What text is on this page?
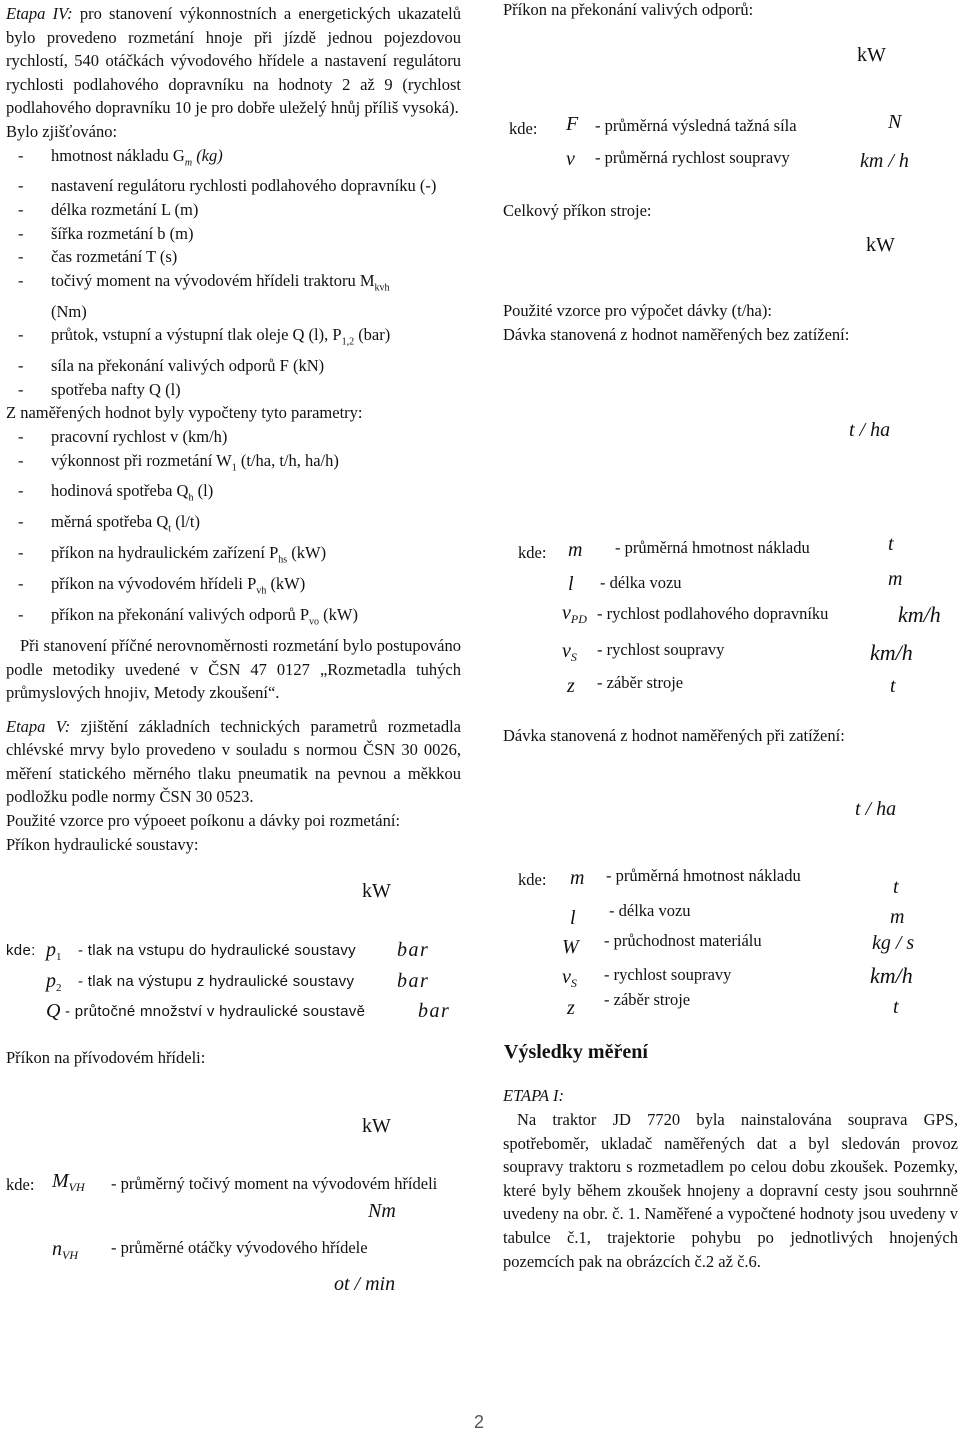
Etapa IV: pro stanovení výkonnostních a energetických ukazatelů bylo provedeno rozmetání hnoje při jízdě jednou pojezdovou rychlostí, 540 otáčkách vývodového hřídele a nastavení regulátoru rychlosti podlahového dopravníku na hodnoty 2 až 9 (rychlost podlahového dopravníku 10 je pro dobře uleželý hnůj příliš vysoká).

Bylo zjišťováno:

- hmotnost nákladu $G_m$ (kg)
- nastavení regulátoru rychlosti podlahového dopravníku (-)
- délka rozmetání L (m)
- šířka rozmetání b (m)
- čas rozmetání T (s)
- točivý moment na vývodovém hřídeli traktoru $M_{kvh}$
(Nm)
- průtok, vstupní a výstupní tlak oleje Q (l), $P_{1,2}$ (bar)
- síla na překonání valivých odporů F (kN)
- spotřeba nafty Q (l)

Z naměřených hodnot byly vypočteny tyto parametry:

- pracovní rychlost v (km/h)
- výkonnost při rozmetání $W_1$ (t/ha, t/h, ha/h)
- hodinová spotřeba $Q_h$ (l)
- měrná spotřeba $Q_t$ (l/t)
- příkon na hydraulickém zařízení $P_{hs}$ (kW)
- příkon na vývodovém hřídeli $P_{vh}$ (kW)
- příkon na překonání valivých odporů $P_{vo}$ (kW)

Při stanovení příčné nerovnoměrnosti rozmetání bylo postupováno podle metodiky uvedené v ČSN 47 0127 „Rozmetadla tuhých průmyslových hnojiv, Metody zkoušení“.

Etapa V: zjištění základních technických parametrů rozmetadla chlévské mrvy bylo provedeno v souladu s normou ČSN 30 0026, měření statického měrného tlaku pneumatik na pevnou a měkkou podložku podle normy ČSN 30 0523.

Použité vzorce pro výpoeet poíkonu a dávky poi rozmetání:

Příkon hydraulické soustavy:

kW
kde: $p_1$ - tlak na vstupu do hydraulické soustavy bar
$p_2$ - tlak na výstupu z hydraulické soustavy bar
Q - průtočné množství v hydraulické soustavě	bar
Příkon na přívodovém hřídeli:
kW
kde: $M_{VH}$ - průměrný točivý moment na vývodovém hřídeli
Nm
$n_{VH}$ - průměrné otáčky vývodového hřídele
ot / min
Příkon na překonání valivých odporů:
kW
kde: F - průměrná výsledná tažná síla	N
v - průměrná rychlost soupravy	km / h
Celkový příkon stroje:
kW
Použité vzorce pro výpočet dávky (t/ha):
Dávka stanovená z hodnot naměřených bez zatížení:
t / ha
kde: m - průměrná hmotnost nákladu	t
l - délka vozu	m
$v_{PD}$ - rychlost podlahového dopravníku	km/h
$v_S$ - rychlost soupravy	km/h
z - záběr stroje	t
Dávka stanovená z hodnot naměřených při zatížení:
t / ha
kde: m - průměrná hmotnost nákladu
t
l - délka vozu	m
W - průchodnost materiálu	kg / s
$v_S$ - rychlost soupravy	km/h
z - záběr stroje	t
Výsledky měření
ETAPA I:

Na traktor JD 7720 byla nainstalována souprava GPS, spotřeboměr, ukladač naměřených dat a byl sledován provoz soupravy traktoru s rozmetadlem po celou dobu zkoušek. Pozemky, které byly během zkoušek hnojeny a dopravní cesty jsou souhrnně uvedeny na obr. č. 1. Naměřené a vypočtené hodnoty jsou uvedeny v tabulce č.1, trajektorie pohybu po jednotlivých hnojených pozemcích pak na obrázcích č.2 až č.6.

2
